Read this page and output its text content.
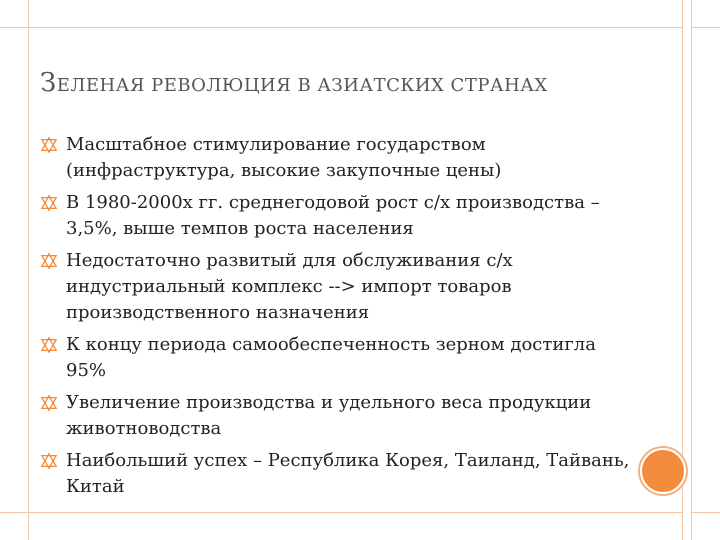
ЗЕЛЕНАЯ РЕВОЛЮЦИЯ В АЗИАТСКИХ СТРАНАХ
Масштабное стимулирование государством (инфраструктура, высокие закупочные цены)
В 1980-2000х гг. среднегодовой рост с/х производства – 3,5%, выше темпов роста населения
Недостаточно развитый для обслуживания с/х индустриальный комплекс --> импорт товаров производственного назначения
К концу периода самообеспеченность зерном достигла 95%
Увеличение производства и удельного веса продукции животноводства
Наибольший успех – Республика Корея, Таиланд, Тайвань, Китай
